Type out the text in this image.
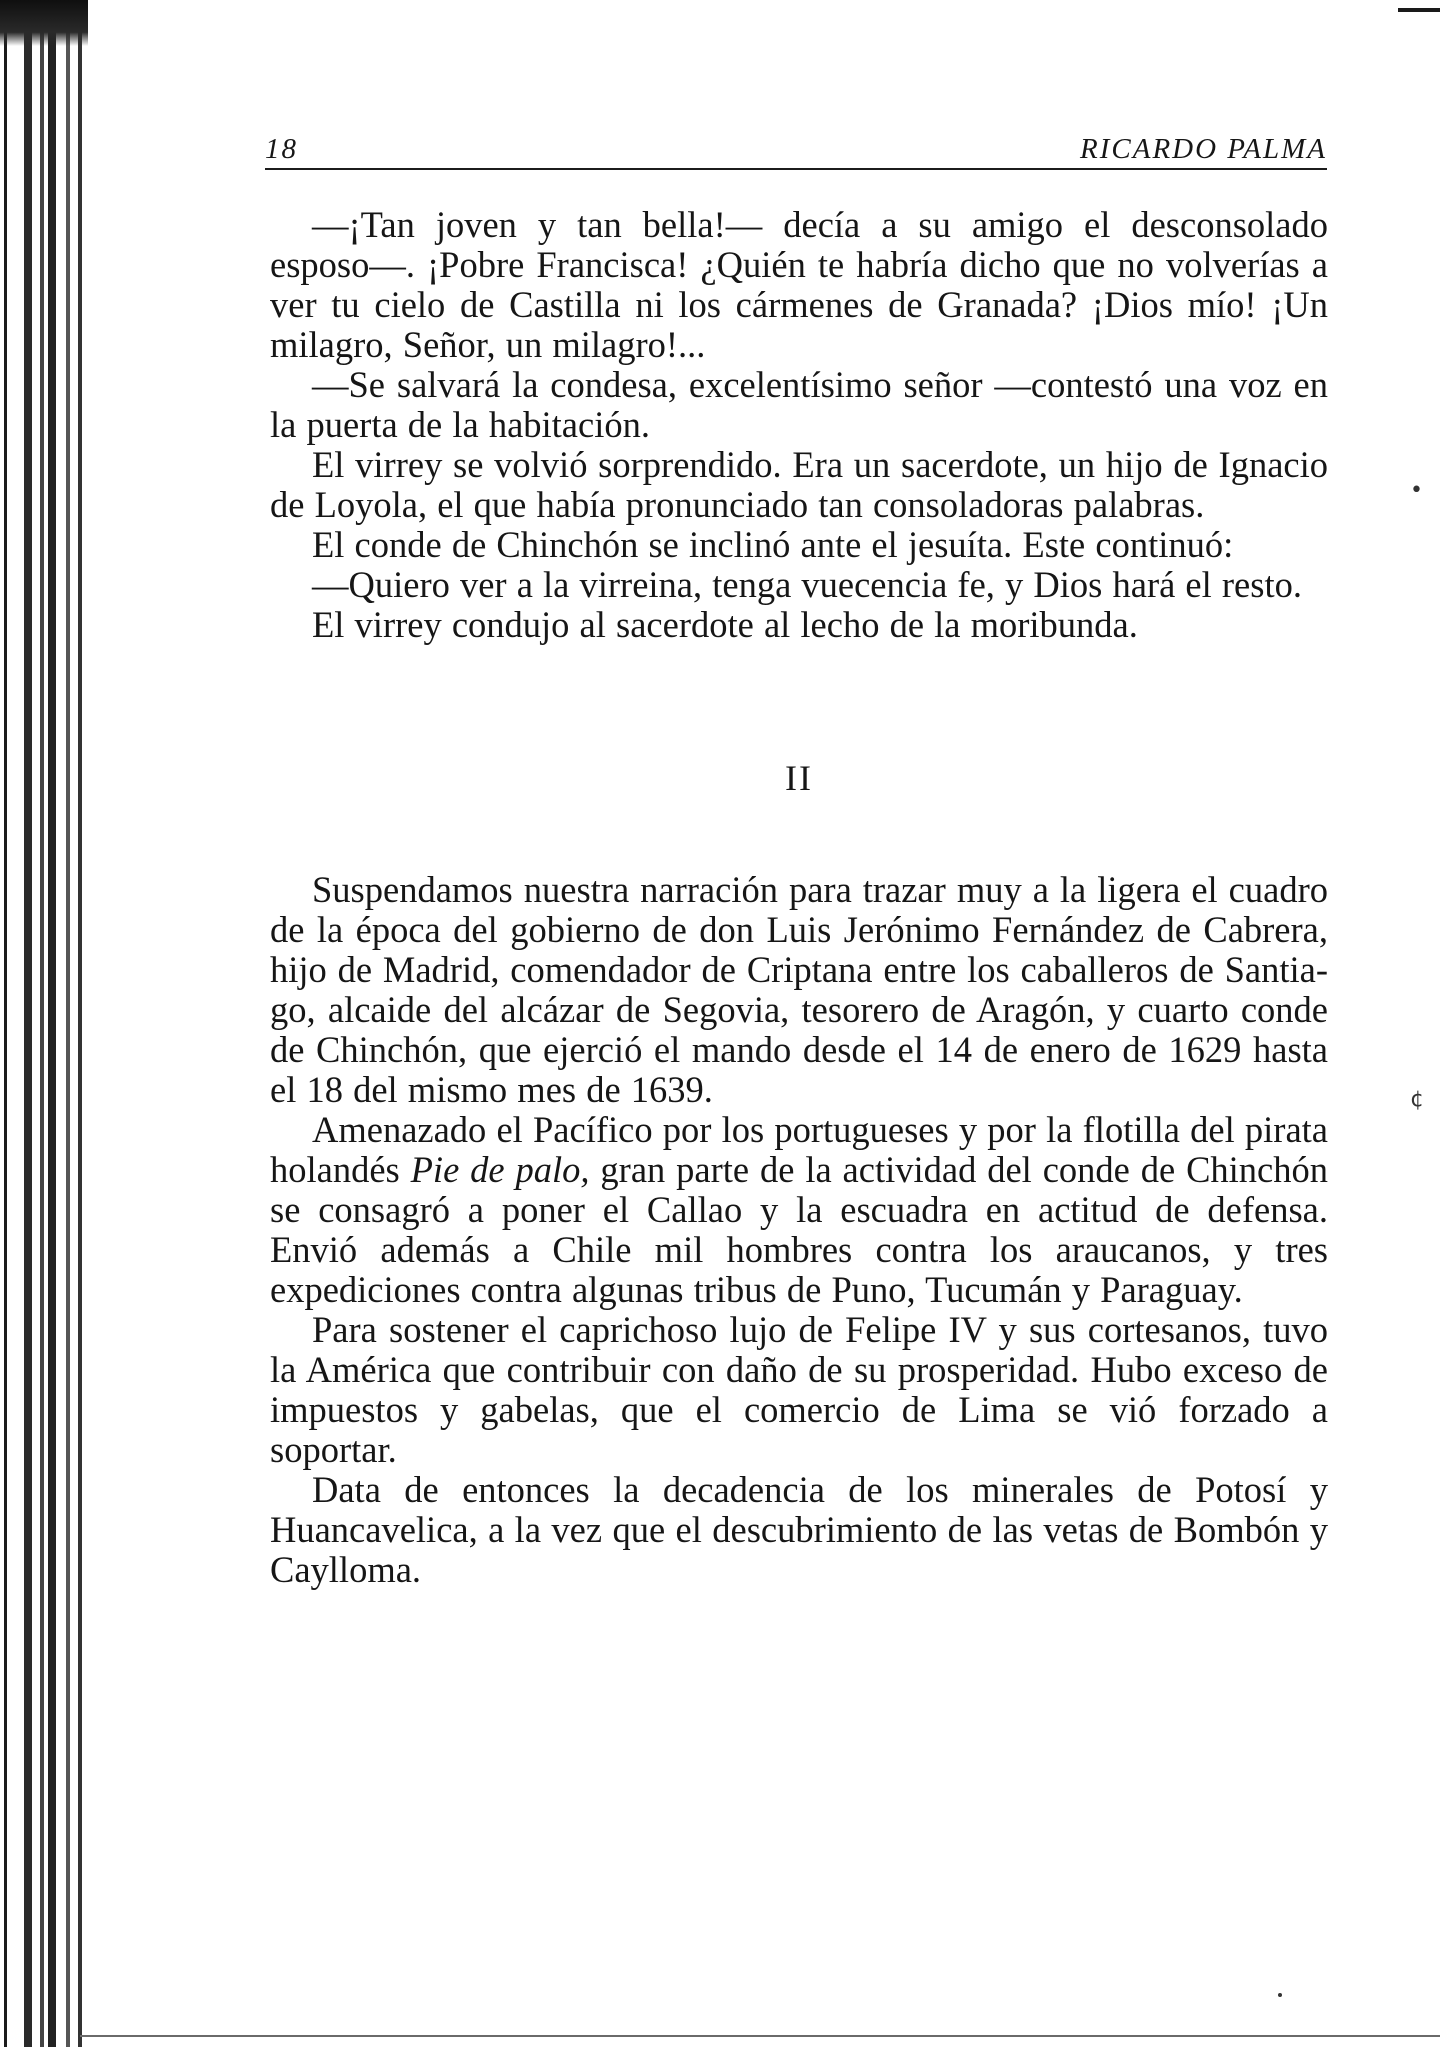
•
¢
18	RICARDO PALMA

—¡Tan joven y tan bella!— decía a su amigo el desconsolado esposo—. ¡Pobre Francisca! ¿Quién te habría dicho que no volverías a ver tu cielo de Castilla ni los cármenes de Granada? ¡Dios mío! ¡Un milagro, Señor, un milagro!...

—Se salvará la condesa, excelentísimo señor —contestó una voz en la puerta de la habitación.

El virrey se volvió sorprendido. Era un sacerdote, un hijo de Ignacio de Loyola, el que había pronunciado tan consoladoras palabras.

El conde de Chinchón se inclinó ante el jesuíta. Este continuó:

—Quiero ver a la virreina, tenga vuecencia fe, y Dios hará el resto.

El virrey condujo al sacerdote al lecho de la moribunda.

II

Suspendamos nuestra narración para trazar muy a la ligera el cuadro de la época del gobierno de don Luis Jerónimo Fernández de Cabrera, hijo de Madrid, comendador de Criptana entre los caballeros de Santiago, alcaide del alcázar de Segovia, tesorero de Aragón, y cuarto conde de Chinchón, que ejerció el mando desde el 14 de enero de 1629 hasta el 18 del mismo mes de 1639.

Amenazado el Pacífico por los portugueses y por la flotilla del pirata holandés Pie de palo, gran parte de la actividad del conde de Chinchón se consagró a poner el Callao y la escuadra en actitud de defensa. Envió además a Chile mil hombres contra los araucanos, y tres expediciones contra algunas tribus de Puno, Tucumán y Paraguay.

Para sostener el caprichoso lujo de Felipe IV y sus cortesanos, tuvo la América que contribuir con daño de su prosperidad. Hubo exceso de impuestos y gabelas, que el comercio de Lima se vió forzado a soportar.

Data de entonces la decadencia de los minerales de Potosí y Huancavelica, a la vez que el descubrimiento de las vetas de Bombón y Caylloma.
